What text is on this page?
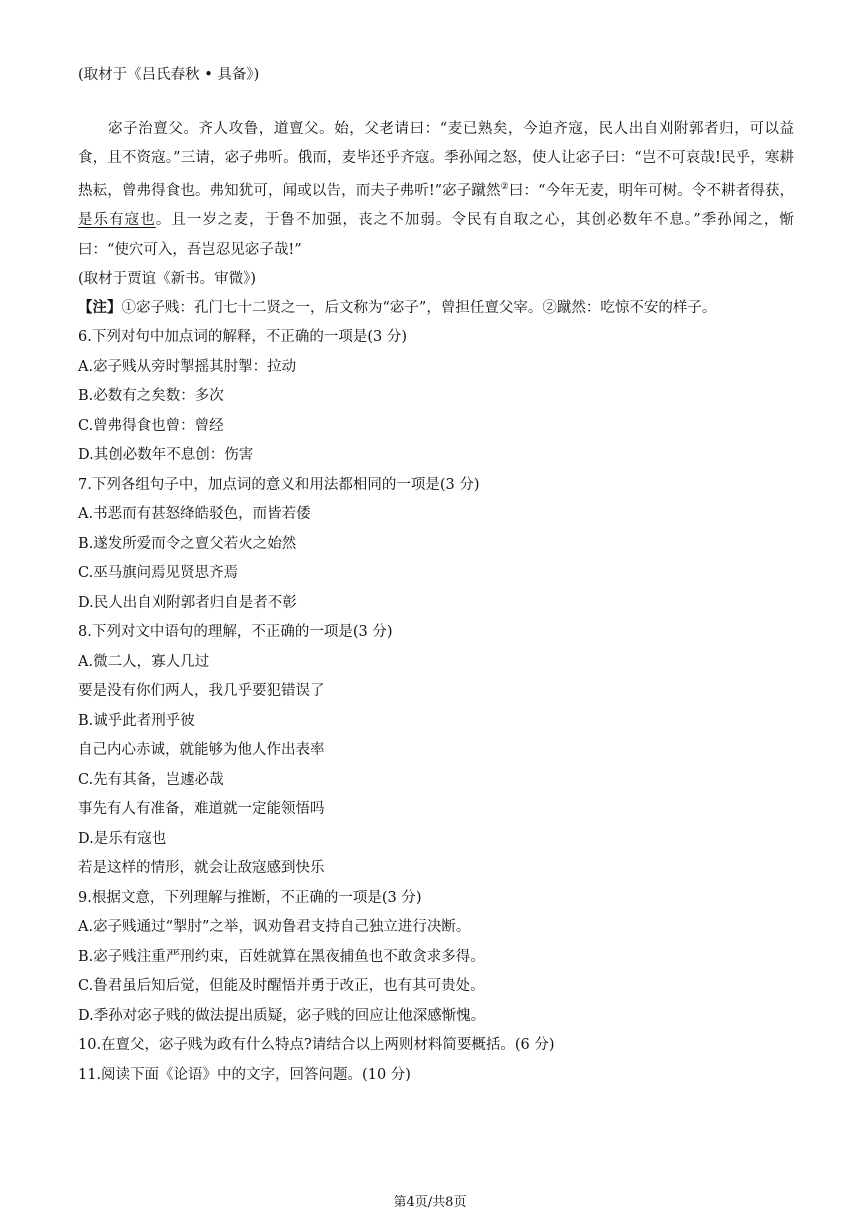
(取材于《吕氏春秋 • 具备》)
宓子治亶父。齐人攻鲁，道亶父。始，父老请曰：“麦已熟矣，今迫齐寇，民人出自刈附郭者归，可以益食，且不资寇。”三请，宓子弗听。俄而，麦毕还乎齐寇。季孙闻之怒，使人让宓子曰：“岂不可哀哉!民乎，寒耕热耘，曾弗得食也。弗知犹可，闻或以告，而夫子弗听!”宓子蹴然②曰：“今年无麦，明年可树。令不耕者得获，是乐有寇也。且一岁之麦，于鲁不加强，丧之不加弱。令民有自取之心，其创必数年不息。”季孙闻之，惭曰：“使穴可入，吾岂忍见宓子哉!”
(取材于贾谊《新书。审微》)
【注】①宓子贱：孔门七十二贤之一，后文称为“宓子”，曾担任亶父宰。②蹴然：吃惊不安的样子。
6.下列对句中加点词的解释，不正确的一项是(3 分)
A.宓子贱从旁时掣摇其肘掣：拉动
B.必数有之矣数：多次
C.曾弗得食也曾：曾经
D.其创必数年不息创：伤害
7.下列各组句子中，加点词的意义和用法都相同的一项是(3 分)
A.书恶而有甚怒绛皓驳色，而皆若倭
B.遂发所爱而令之亶父若火之始然
C.巫马旗问焉见贤思齐焉
D.民人出自刈附郭者归自是者不彰
8.下列对文中语句的理解，不正确的一项是(3 分)
A.微二人，寡人几过
要是没有你们两人，我几乎要犯错误了
B.诚乎此者刑乎彼
自己内心赤诚，就能够为他人作出表率
C.先有其备，岂遽必哉
事先有人有准备，难道就一定能领悟吗
D.是乐有寇也
若是这样的情形，就会让敌寇感到快乐
9.根据文意，下列理解与推断，不正确的一项是(3 分)
A.宓子贱通过“掣肘”之举，讽劝鲁君支持自己独立进行决断。
B.宓子贱注重严刑约束，百姓就算在黑夜捕鱼也不敢贪求多得。
C.鲁君虽后知后觉，但能及时醒悟并勇于改正，也有其可贵处。
D.季孙对宓子贱的做法提出质疑，宓子贱的回应让他深感惭愧。
10.在亶父，宓子贱为政有什么特点?请结合以上两则材料简要概括。(6 分)
11.阅读下面《论语》中的文字，回答问题。(10 分)
第4页/共8页
